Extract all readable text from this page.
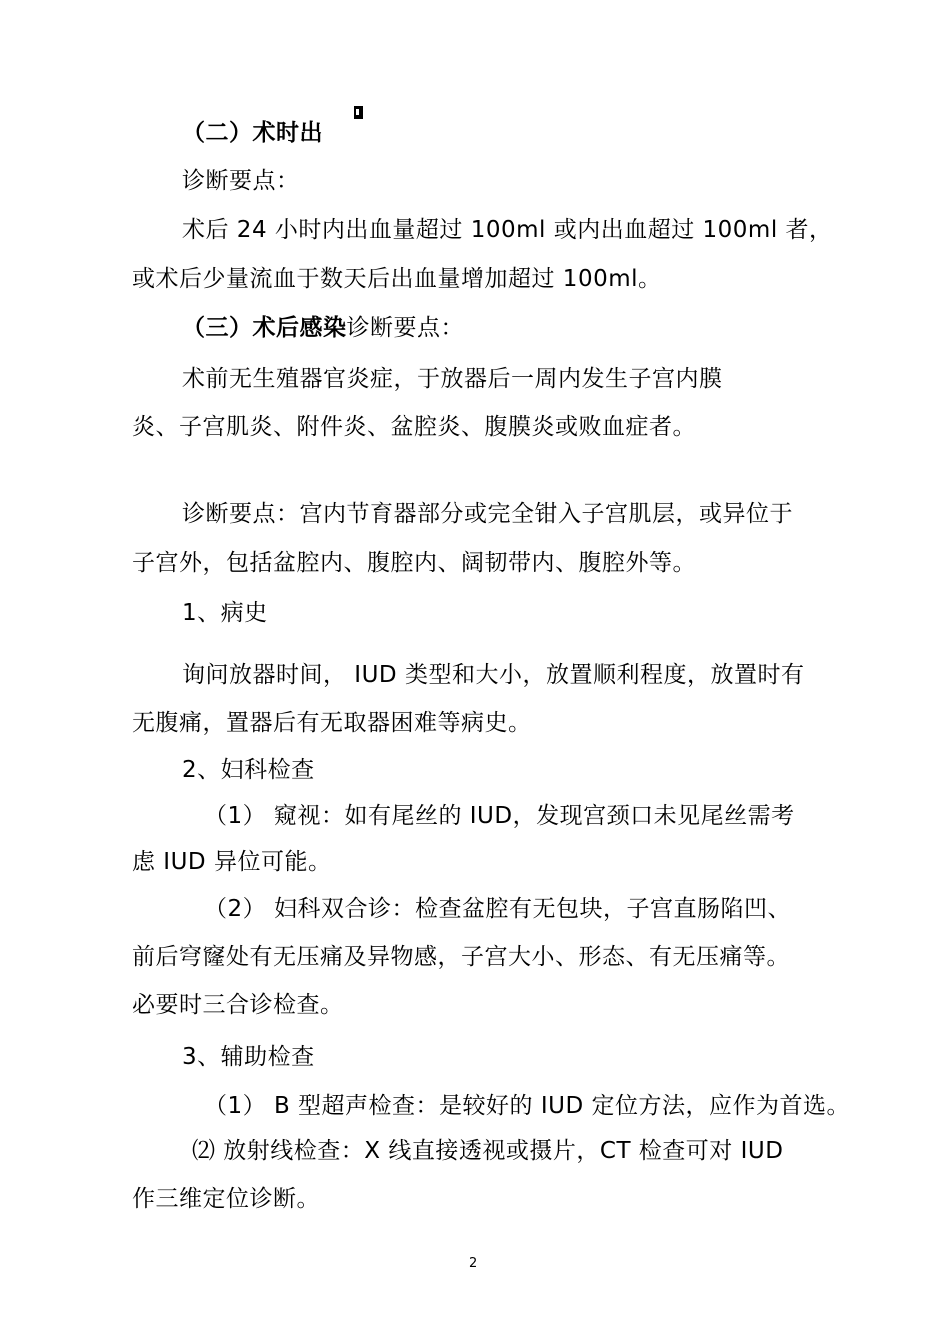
（二）术时出
诊断要点：
术后 24 小时内出血量超过 100ml 或内出血超过 100ml 者，
或术后少量流血于数天后出血量增加超过 100ml。
（三）术后感染诊断要点：
术前无生殖器官炎症，于放器后一周内发生子宫内膜
炎、子宫肌炎、附件炎、盆腔炎、腹膜炎或败血症者。
诊断要点：宫内节育器部分或完全钳入子宫肌层，或异位于
子宫外，包括盆腔内、腹腔内、阔韧带内、腹腔外等。
1、病史
询问放器时间， IUD 类型和大小，放置顺利程度，放置时有
无腹痛，置器后有无取器困难等病史。
2、妇科检查
（1） 窥视：如有尾丝的 IUD，发现宫颈口未见尾丝需考
虑 IUD 异位可能。
（2） 妇科双合诊：检查盆腔有无包块，子宫直肠陷凹、
前后穹窿处有无压痛及异物感，子宫大小、形态、有无压痛等。
必要时三合诊检查。
3、辅助检查
（1） B 型超声检查：是较好的 IUD 定位方法，应作为首选。
⑵ 放射线检查：X 线直接透视或摄片，CT 检查可对 IUD
作三维定位诊断。
2
